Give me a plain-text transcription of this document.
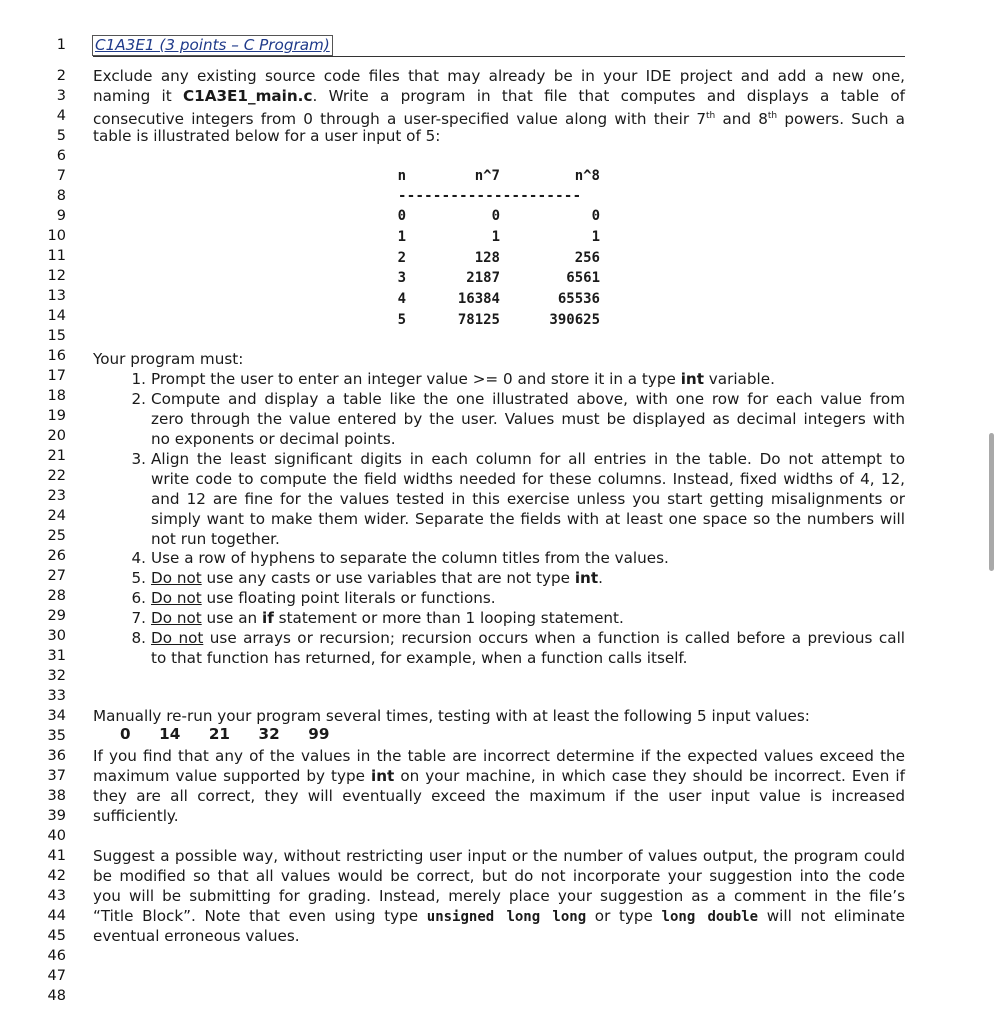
1
2
3
4
5
6
7
8
9
10
11
12
13
14
15
16
17
18
19
20
21
22
23
24
25
26
27
28
29
30
31
32
33
34
35
36
37
38
39
40
41
42
43
44
45
46
47
48
C1A3E1 (3 points – C Program)
Exclude any existing source code files that may already be in your IDE project and add a new one,
naming it C1A3E1_main.c. Write a program in that file that computes and displays a table of
consecutive integers from 0 through a user-specified value along with their 7th and 8th powers. Such a
table is illustrated below for a user input of 5:
n	n^7	n^8
---------------------
0	0	0
1	1	1
2	128	256
3	2187	6561
4	16384	65536
5	78125	390625
Your program must:
1. Prompt the user to enter an integer value >= 0 and store it in a type int variable.
2. Compute and display a table like the one illustrated above, with one row for each value from
zero through the value entered by the user. Values must be displayed as decimal integers with
no exponents or decimal points.
3. Align the least significant digits in each column for all entries in the table. Do not attempt to
write code to compute the field widths needed for these columns. Instead, fixed widths of 4, 12,
and 12 are fine for the values tested in this exercise unless you start getting misalignments or
simply want to make them wider. Separate the fields with at least one space so the numbers will
not run together.
4. Use a row of hyphens to separate the column titles from the values.
5. Do not use any casts or use variables that are not type int.
6. Do not use floating point literals or functions.
7. Do not use an if statement or more than 1 looping statement.
8. Do not use arrays or recursion; recursion occurs when a function is called before a previous call
to that function has returned, for example, when a function calls itself.
Manually re-run your program several times, testing with at least the following 5 input values:
0  14  21  32  99
If you find that any of the values in the table are incorrect determine if the expected values exceed the
maximum value supported by type int on your machine, in which case they should be incorrect. Even if
they are all correct, they will eventually exceed the maximum if the user input value is increased
sufficiently.
Suggest a possible way, without restricting user input or the number of values output, the program could
be modified so that all values would be correct, but do not incorporate your suggestion into the code
you will be submitting for grading. Instead, merely place your suggestion as a comment in the file’s
“Title Block”. Note that even using type unsigned long long or type long double will not eliminate
eventual erroneous values.
